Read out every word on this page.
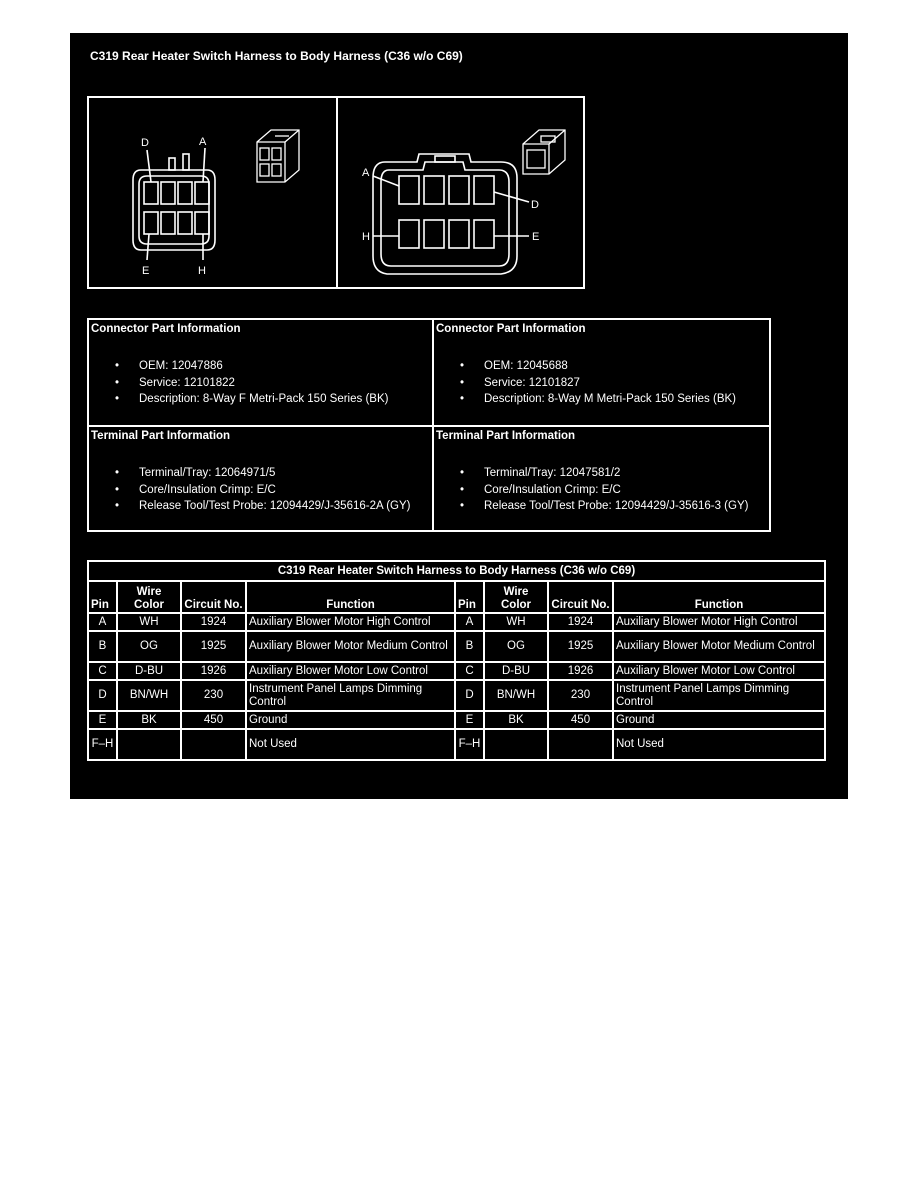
C319 Rear Heater Switch Harness to Body Harness (C36 w/o C69)
D	A
E	H
A
D
H	E
Connector Part Information
• OEM: 12047886
• Service: 12101822
• Description: 8-Way F Metri-Pack 150 Series (BK)
Connector Part Information
• OEM: 12045688
• Service: 12101827
• Description: 8-Way M Metri-Pack 150 Series (BK)
Terminal Part Information
• Terminal/Tray: 12064971/5
• Core/Insulation Crimp: E/C
• Release Tool/Test Probe: 12094429/J-35616-2A (GY)
Terminal Part Information
• Terminal/Tray: 12047581/2
• Core/Insulation Crimp: E/C
• Release Tool/Test Probe: 12094429/J-35616-3 (GY)
C319 Rear Heater Switch Harness to Body Harness (C36 w/o C69)							
Pin	Wire Color	Circuit No.	Function	Pin	Wire Color	Circuit No.	Function
A	WH	1924	Auxiliary Blower Motor High Control	A	WH	1924	Auxiliary Blower Motor High Control
B	OG	1925	Auxiliary Blower Motor Medium Control	B	OG	1925	Auxiliary Blower Motor Medium Control
C	D-BU	1926	Auxiliary Blower Motor Low Control	C	D-BU	1926	Auxiliary Blower Motor Low Control
D	BN/WH	230	Instrument Panel Lamps Dimming Control	D	BN/WH	230	Instrument Panel Lamps Dimming Control
E	BK	450	Ground	E	BK	450	Ground
F–H			Not Used	F–H			Not Used
